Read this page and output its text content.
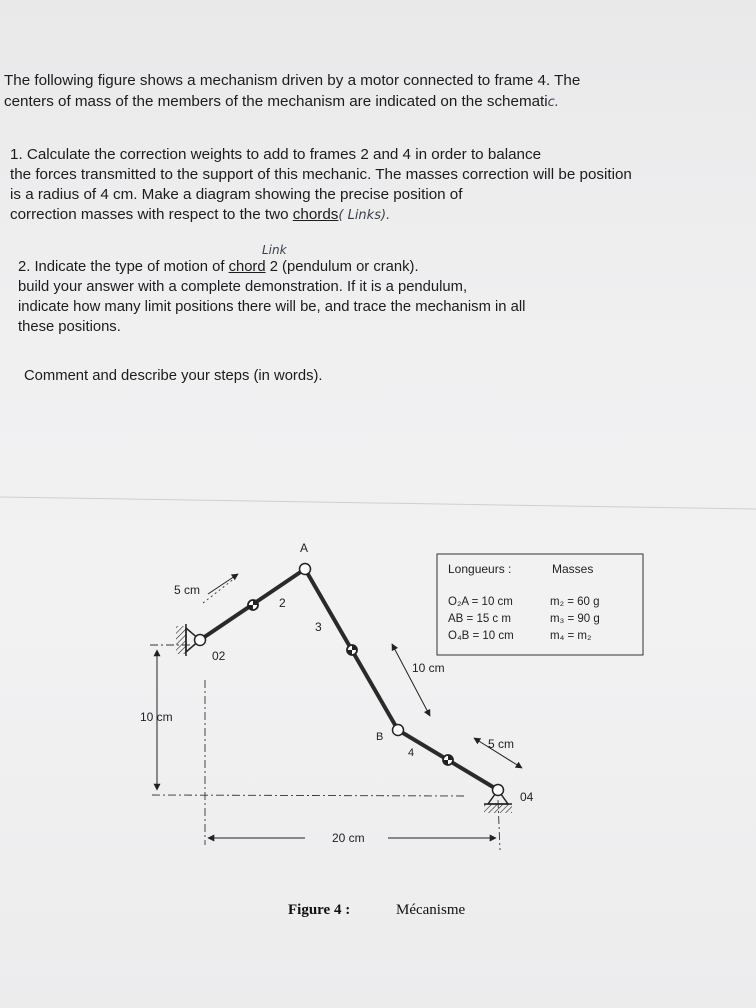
The following figure shows a mechanism driven by a motor connected to frame 4. The
centers of mass of the members of the mechanism are indicated on the schematic.
1. Calculate the correction weights to add to frames 2 and 4 in order to balance
the forces transmitted to the support of this mechanic. The masses correction will be position
is a radius of 4 cm. Make a diagram showing the precise position of
correction masses with respect to the two chords( Links).
Link
2. Indicate the type of motion of chord 2 (pendulum or crank).
build your answer with a complete demonstration. If it is a pendulum,
indicate how many limit positions there will be, and trace the mechanism in all
these positions.
Comment and describe your steps (in words).
5 cm
10 cm
5 cm
10 cm
20 cm
A
B
02
04
2
3
4
Longueurs :	Masses
O₂A = 10 cm
AB = 15 c m
O₄B = 10 cm
m₂ = 60 g
m₃ = 90 g
m₄ = m₂
Figure 4 :	Mécanisme
